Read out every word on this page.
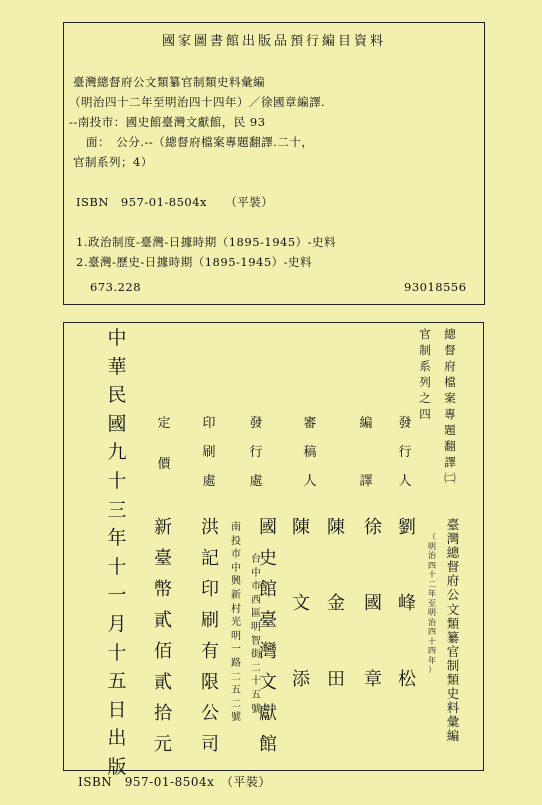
國家圖書館出版品預行編目資料
臺灣總督府公文類纂官制類史料彙編
（明治四十二年至明治四十四年）／徐國章編譯.
--南投市：國史館臺灣文獻館，民 93
面：　公分.--（總督府檔案專題翻譯.二十，
官制系列；4）
ISBN　957-01-8504x　　（平裝）
1.政治制度-臺灣-日據時期（1895-1945）-史料
2.臺灣-歷史-日據時期（1895-1945）-史料
673.228	93018556
中
華
民
國
九
十
三
年
十
一
月
十
五
日
出
版
定
價
印
刷
處
發
行
處
審
稿
人
編
譯
發
行
人
新
臺
幣
貳
佰
貳
拾
元
洪
記
印
刷
有
限
公
司
台
中
市
西
區
明
智
街
二
十
五
號
南
投
市
中
興
新
村
光
明
一
路
二
五
二
號
國
史
館
臺
灣
文
獻
館
陳
文
添
陳
金
田
徐
國
章
劉
峰
松
官
制
系
列
之
四
總
督
府
檔
案
專
題
翻
譯
㈡
臺
灣
總
督
府
公
文
類
纂
官
制
類
史
料
彙
編
（
明
治
四
十
二
年
至
明
治
四
十
四
年
）
ISBN　957-01-8504x　（平裝）
